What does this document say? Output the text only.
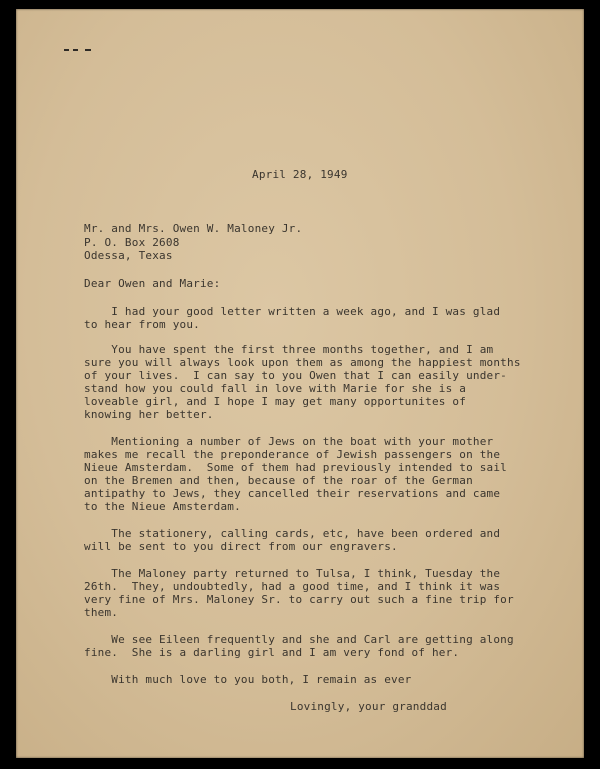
April 28, 1949

Mr. and Mrs. Owen W. Maloney Jr.

P. O. Box 2608

Odessa, Texas

Dear Owen and Marie:

I had your good letter written a week ago, and I was glad

to hear from you.

You have spent the first three months together, and I am

sure you will always look upon them as among the happiest months

of your lives.  I can say to you Owen that I can easily under-

stand how you could fall in love with Marie for she is a

loveable girl, and I hope I may get many opportunites of

knowing her better.

Mentioning a number of Jews on the boat with your mother

makes me recall the preponderance of Jewish passengers on the

Nieue Amsterdam.  Some of them had previously intended to sail

on the Bremen and then, because of the roar of the German

antipathy to Jews, they cancelled their reservations and came

to the Nieue Amsterdam.

The stationery, calling cards, etc, have been ordered and

will be sent to you direct from our engravers.

The Maloney party returned to Tulsa, I think, Tuesday the

26th.  They, undoubtedly, had a good time, and I think it was

very fine of Mrs. Maloney Sr. to carry out such a fine trip for

them.

We see Eileen frequently and she and Carl are getting along

fine.  She is a darling girl and I am very fond of her.

With much love to you both, I remain as ever

Lovingly, your granddad
